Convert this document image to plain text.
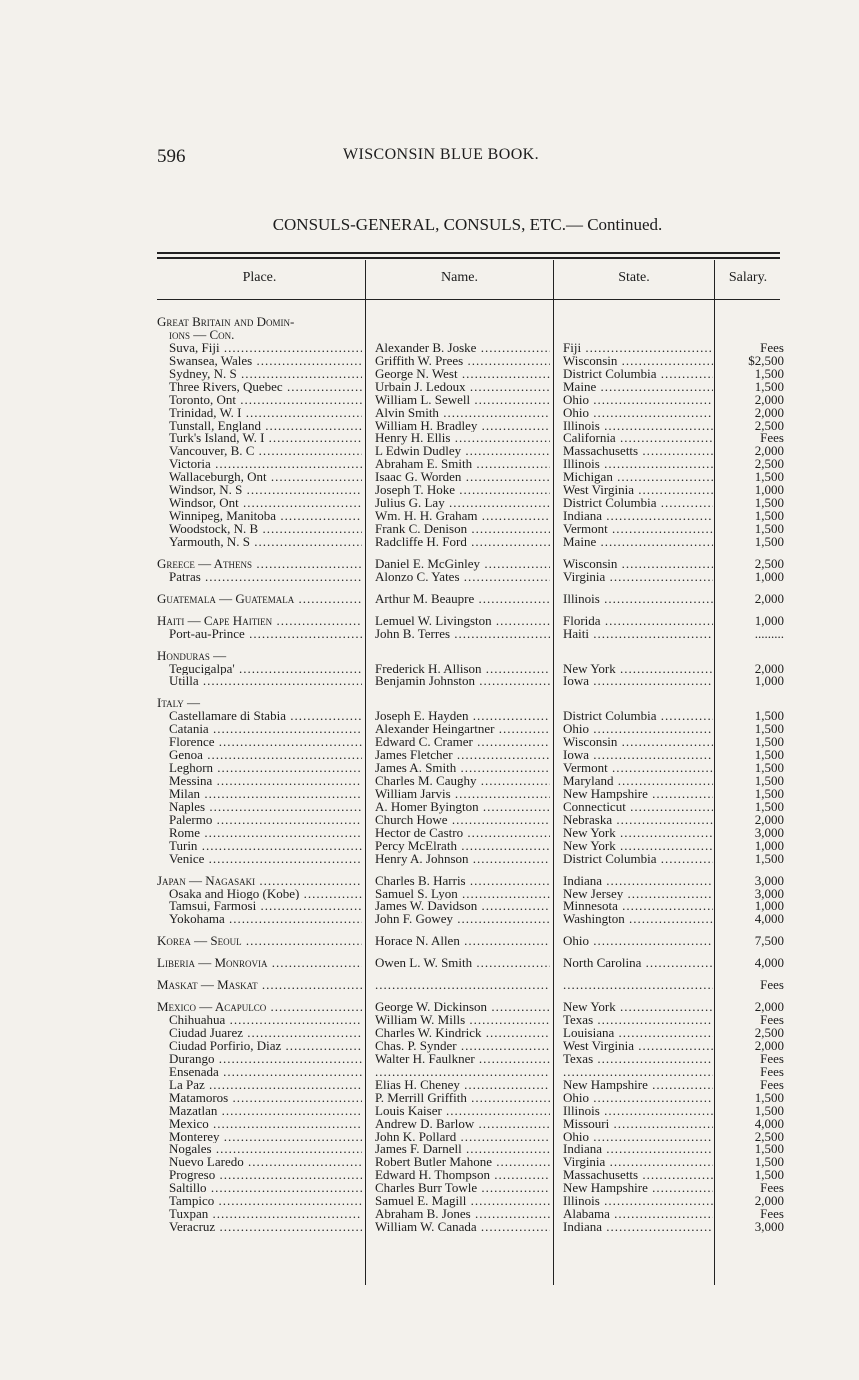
596	WISCONSIN BLUE BOOK.
CONSULS-GENERAL, CONSULS, ETC.— Continued.
Place.	Name.	State.	Salary.
Great Britain and Domin-
ions — Con.
Suva, Fiji .....	Alexander B. Joske .....	Fiji .....	Fees
Swansea, Wales .....	Griffith W. Prees .....	Wisconsin .....	$2,500
Sydney, N. S .....	George N. West .....	District Columbia .....	1,500
Three Rivers, Quebec .....	Urbain J. Ledoux .....	Maine .....	1,500
Toronto, Ont .....	William L. Sewell .....	Ohio .....	2,000
Trinidad, W. I .....	Alvin Smith .....	Ohio .....	2,000
Tunstall, England .....	William H. Bradley .....	Illinois .....	2,500
Turk's Island, W. I .....	Henry H. Ellis .....	California .....	Fees
Vancouver, B. C .....	L Edwin Dudley .....	Massachusetts .....	2,000
Victoria .....	Abraham E. Smith .....	Illinois .....	2,500
Wallaceburgh, Ont .....	Isaac G. Worden .....	Michigan .....	1,500
Windsor, N. S .....	Joseph T. Hoke .....	West Virginia .....	1,000
Windsor, Ont .....	Julius G. Lay .....	District Columbia .....	1,500
Winnipeg, Manitoba .....	Wm. H. H. Graham .....	Indiana .....	1,500
Woodstock, N. B .....	Frank C. Denison .....	Vermont .....	1,500
Yarmouth, N. S .....	Radcliffe H. Ford .....	Maine .....	1,500
Greece — Athens .....	Daniel E. McGinley .....	Wisconsin .....	2,500
Patras .....	Alonzo C. Yates .....	Virginia .....	1,000
Guatemala — Guatemala .....	Arthur M. Beaupre .....	Illinois .....	2,000
Haiti — Cape Haitien .....	Lemuel W. Livingston .....	Florida .....	1,000
Port-au-Prince .....	John B. Terres .....	Haiti .....	.........
Honduras —
Tegucigalpa' .....	Frederick H. Allison .....	New York .....	2,000
Utilla .....	Benjamin Johnston .....	Iowa .....	1,000
Italy —
Castellamare di Stabia .....	Joseph E. Hayden .....	District Columbia .....	1,500
Catania .....	Alexander Heingartner .....	Ohio .....	1,500
Florence .....	Edward C. Cramer .....	Wisconsin .....	1,500
Genoa .....	James Fletcher .....	Iowa .....	1,500
Leghorn .....	James A. Smith .....	Vermont .....	1,500
Messina .....	Charles M. Caughy .....	Maryland .....	1,500
Milan .....	William Jarvis .....	New Hampshire .....	1,500
Naples .....	A. Homer Byington .....	Connecticut .....	1,500
Palermo .....	Church Howe .....	Nebraska .....	2,000
Rome .....	Hector de Castro .....	New York .....	3,000
Turin .....	Percy McElrath .....	New York .....	1,000
Venice .....	Henry A. Johnson .....	District Columbia .....	1,500
Japan — Nagasaki .....	Charles B. Harris .....	Indiana .....	3,000
Osaka and Hiogo (Kobe) .....	Samuel S. Lyon .....	New Jersey .....	3,000
Tamsui, Farmosi .....	James W. Davidson .....	Minnesota .....	1,000
Yokohama .....	John F. Gowey .....	Washington .....	4,000
Korea — Seoul .....	Horace N. Allen .....	Ohio .....	7,500
Liberia — Monrovia .....	Owen L. W. Smith .....	North Carolina .....	4,000
Maskat — Maskat ..... ..... .....	Fees
Mexico — Acapulco .....	George W. Dickinson .....	New York .....	2,000
Chihuahua .....	William W. Mills .....	Texas .....	Fees
Ciudad Juarez .....	Charles W. Kindrick .....	Louisiana .....	2,500
Ciudad Porfirio, Diaz .....	Chas. P. Synder .....	West Virginia .....	2,000
Durango .....	Walter H. Faulkner .....	Texas .....	Fees
Ensenada ..... ..... .....	Fees
La Paz .....	Elias H. Cheney .....	New Hampshire .....	Fees
Matamoros .....	P. Merrill Griffith .....	Ohio .....	1,500
Mazatlan .....	Louis Kaiser .....	Illinois .....	1,500
Mexico .....	Andrew D. Barlow .....	Missouri .....	4,000
Monterey .....	John K. Pollard .....	Ohio .....	2,500
Nogales .....	James F. Darnell .....	Indiana .....	1,500
Nuevo Laredo .....	Robert Butler Mahone .....	Virginia .....	1,500
Progreso .....	Edward H. Thompson .....	Massachusetts .....	1,500
Saltillo .....	Charles Burr Towle .....	New Hampshire .....	Fees
Tampico .....	Samuel E. Magill .....	Illinois .....	2,000
Tuxpan .....	Abraham B. Jones .....	Alabama .....	Fees
Veracruz .....	William W. Canada .....	Indiana .....	3,000
